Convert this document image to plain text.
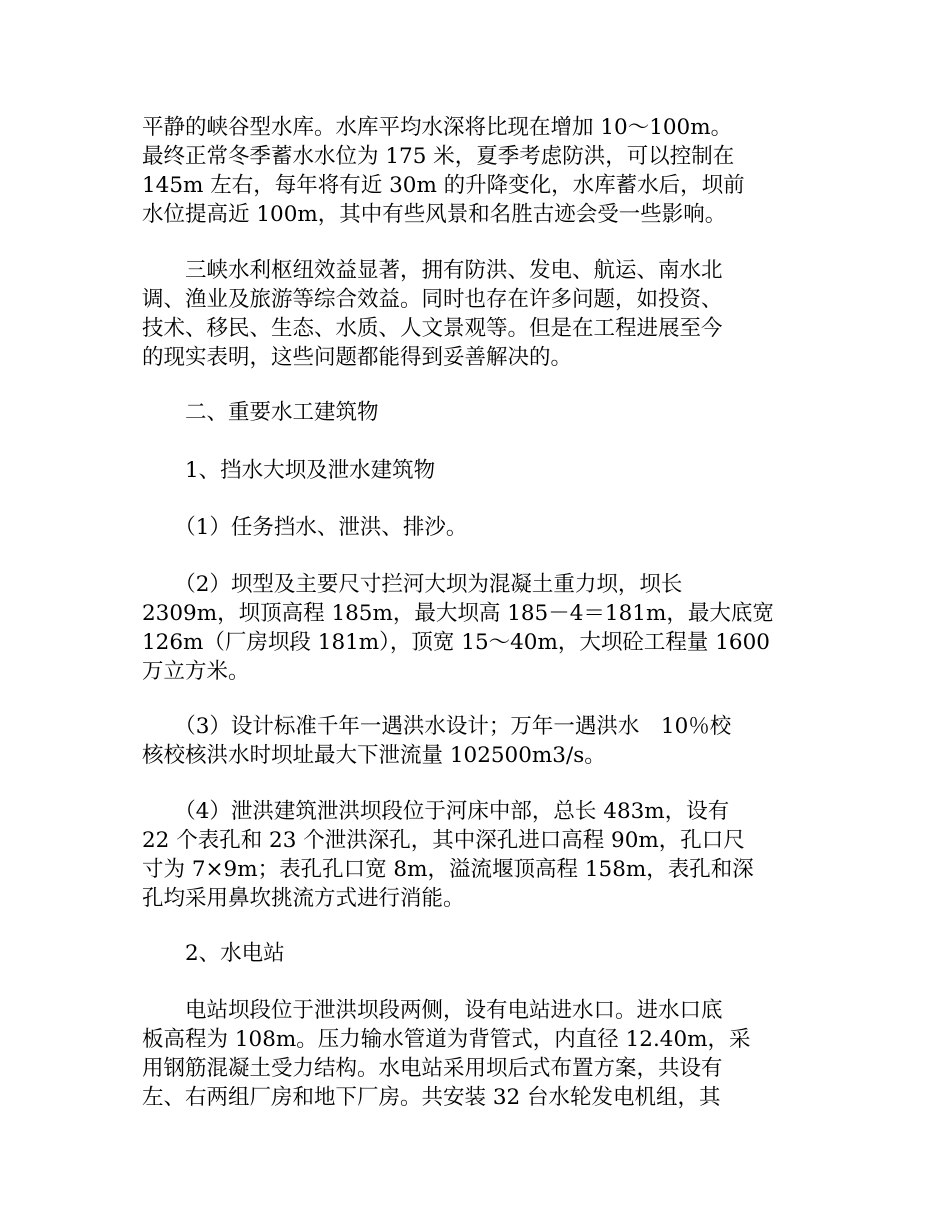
平静的峡谷型水库。水库平均水深将比现在增加 10～100m。
最终正常冬季蓄水水位为 175 米，夏季考虑防洪，可以控制在
145m 左右，每年将有近 30m 的升降变化，水库蓄水后，坝前
水位提高近 100m，其中有些风景和名胜古迹会受一些影响。

　　三峡水利枢纽效益显著，拥有防洪、发电、航运、南水北
调、渔业及旅游等综合效益。同时也存在许多问题，如投资、
技术、移民、生态、水质、人文景观等。但是在工程进展至今
的现实表明，这些问题都能得到妥善解决的。

　　二、重要水工建筑物

　　1、挡水大坝及泄水建筑物

　　（1）任务挡水、泄洪、排沙。

　　（2）坝型及主要尺寸拦河大坝为混凝土重力坝，坝长
2309m，坝顶高程 185m，最大坝高 185－4＝181m，最大底宽
126m（厂房坝段 181m），顶宽 15～40m，大坝砼工程量 1600
万立方米。

　　（3）设计标准千年一遇洪水设计；万年一遇洪水　10％校
核校核洪水时坝址最大下泄流量 102500m3/s。

　　（4）泄洪建筑泄洪坝段位于河床中部，总长 483m，设有
22 个表孔和 23 个泄洪深孔，其中深孔进口高程 90m，孔口尺
寸为 7×9m；表孔孔口宽 8m，溢流堰顶高程 158m，表孔和深
孔均采用鼻坎挑流方式进行消能。

　　2、水电站

　　电站坝段位于泄洪坝段两侧，设有电站进水口。进水口底
板高程为 108m。压力输水管道为背管式，内直径 12.40m，采
用钢筋混凝土受力结构。水电站采用坝后式布置方案，共设有
左、右两组厂房和地下厂房。共安装 32 台水轮发电机组，其
